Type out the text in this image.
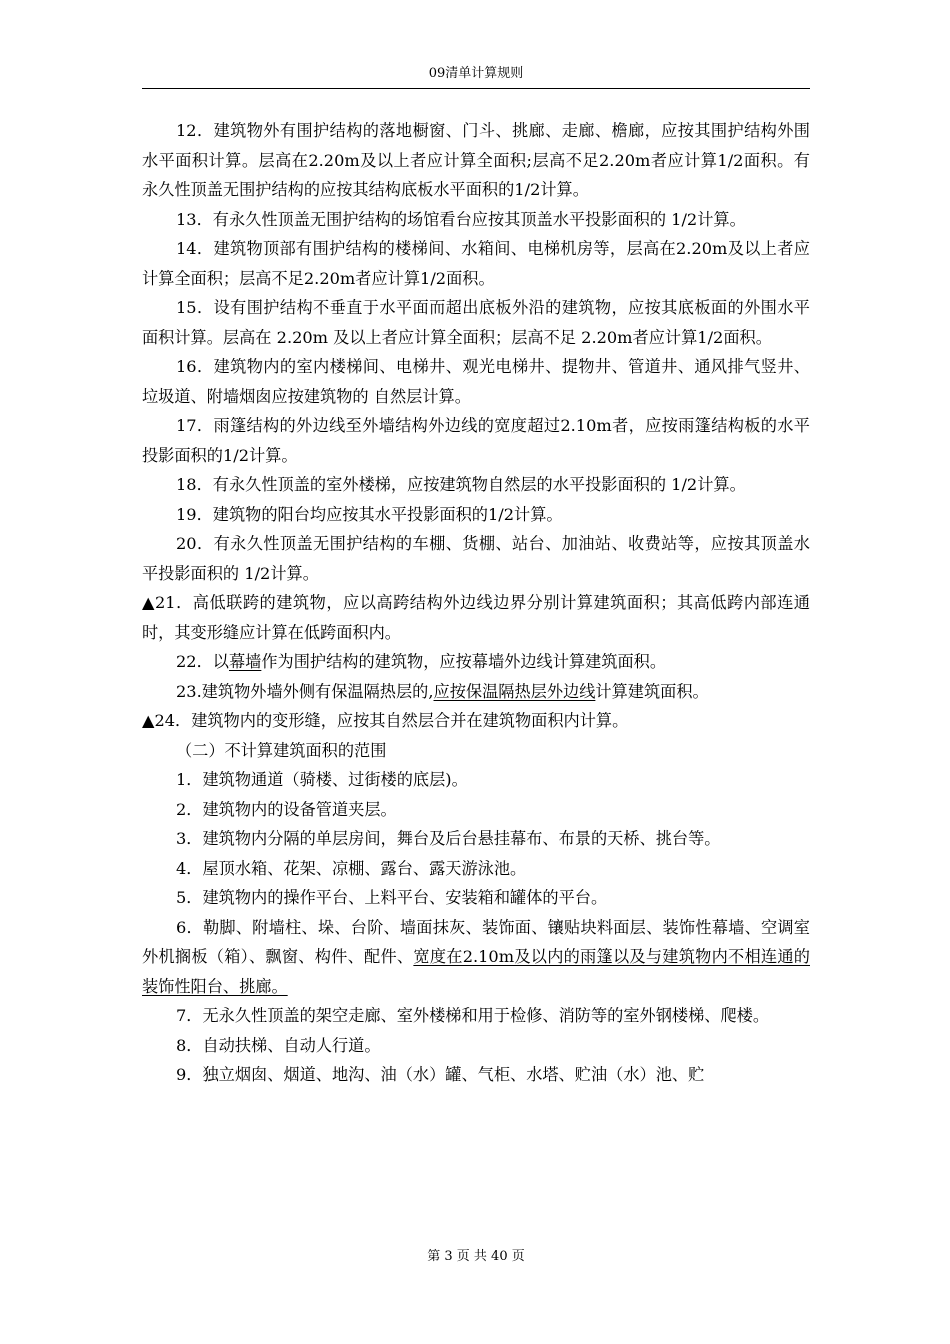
09清单计算规则

12．建筑物外有围护结构的落地橱窗、门斗、挑廊、走廊、檐廊，应按其围护结构外围水平面积计算。层高在2.20m及以上者应计算全面积;层高不足2.20m者应计算1/2面积。有永久性顶盖无围护结构的应按其结构底板水平面积的1/2计算。

13．有永久性顶盖无围护结构的场馆看台应按其顶盖水平投影面积的 1/2计算。

14．建筑物顶部有围护结构的楼梯间、水箱间、电梯机房等，层高在2.20m及以上者应计算全面积；层高不足2.20m者应计算1/2面积。

15．设有围护结构不垂直于水平面而超出底板外沿的建筑物，应按其底板面的外围水平面积计算。层高在 2.20m 及以上者应计算全面积；层高不足 2.20m者应计算1/2面积。

16．建筑物内的室内楼梯间、电梯井、观光电梯井、提物井、管道井、通风排气竖井、垃圾道、附墙烟囱应按建筑物的 自然层计算。

17．雨篷结构的外边线至外墙结构外边线的宽度超过2.10m者，应按雨篷结构板的水平投影面积的1/2计算。

18．有永久性顶盖的室外楼梯，应按建筑物自然层的水平投影面积的 1/2计算。

19．建筑物的阳台均应按其水平投影面积的1/2计算。

20．有永久性顶盖无围护结构的车棚、货棚、站台、加油站、收费站等，应按其顶盖水平投影面积的 1/2计算。

▲21．高低联跨的建筑物，应以高跨结构外边线边界分别计算建筑面积；其高低跨内部连通时，其变形缝应计算在低跨面积内。

22．以幕墙作为围护结构的建筑物，应按幕墙外边线计算建筑面积。

23.建筑物外墙外侧有保温隔热层的,应按保温隔热层外边线计算建筑面积。

▲24．建筑物内的变形缝，应按其自然层合并在建筑物面积内计算。

（二）不计算建筑面积的范围

1．建筑物通道（骑楼、过街楼的底层)。

2．建筑物内的设备管道夹层。

3．建筑物内分隔的单层房间，舞台及后台悬挂幕布、布景的天桥、挑台等。

4．屋顶水箱、花架、凉棚、露台、露天游泳池。

5．建筑物内的操作平台、上料平台、安装箱和罐体的平台。

6．勒脚、附墙柱、垛、台阶、墙面抹灰、装饰面、镶贴块料面层、装饰性幕墙、空调室外机搁板（箱）、飘窗、构件、配件、宽度在2.10m及以内的雨篷以及与建筑物内不相连通的装饰性阳台、挑廊。

7．无永久性顶盖的架空走廊、室外楼梯和用于检修、消防等的室外钢楼梯、爬楼。

8．自动扶梯、自动人行道。

9．独立烟囱、烟道、地沟、油（水）罐、气柜、水塔、贮油（水）池、贮

第 3 页 共 40 页
